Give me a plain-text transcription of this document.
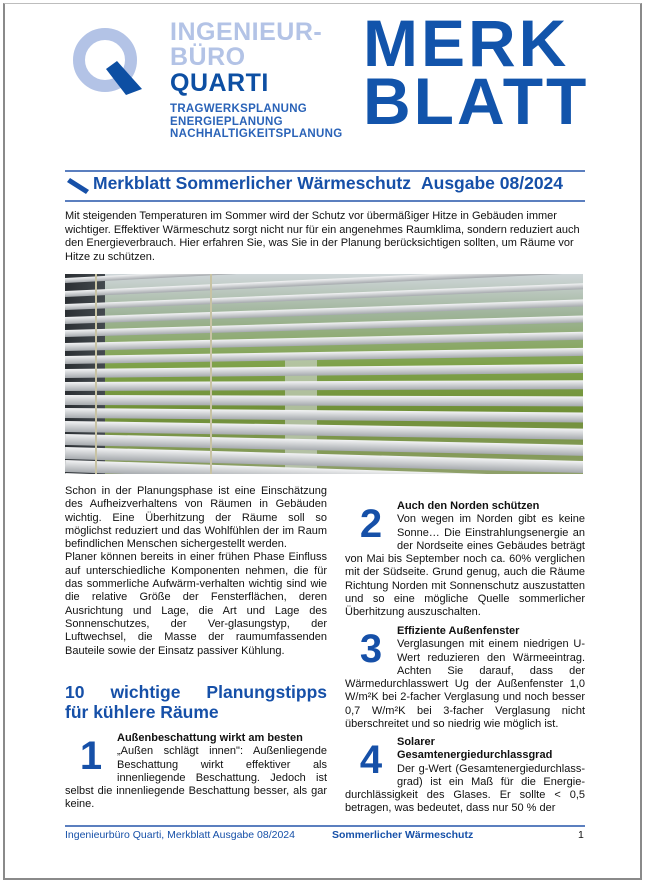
INGENIEUR-
BÜRO
QUARTI
TRAGWERKSPLANUNG
ENERGIEPLANUNG
NACHHALTIGKEITSPLANUNG
MERK
BLATT
Merkblatt Sommerlicher Wärmeschutz Ausgabe 08/2024
Mit steigenden Temperaturen im Sommer wird der Schutz vor übermäßiger Hitze in Gebäuden immer wichtiger. Effektiver Wärmeschutz sorgt nicht nur für ein angenehmes Raumklima, sondern reduziert auch den Energieverbrauch. Hier erfahren Sie, was Sie in der Planung berücksichtigen sollten, um Räume vor Hitze zu schützen.

Schon in der Planungsphase ist eine Einschätzung des Aufheizverhaltens von Räumen in Gebäuden wichtig. Eine Überhitzung der Räume soll so möglichst reduziert und das Wohlfühlen der im Raum befindlichen Menschen sichergestellt werden.

Planer können bereits in einer frühen Phase Einfluss auf unterschiedliche Komponenten nehmen, die für das sommerliche Aufwärm-verhalten wichtig sind wie die relative Größe der Fensterflächen, deren Ausrichtung und Lage, die Art und Lage des Sonnenschutzes, der Ver-glasungstyp, der Luftwechsel, die Masse der raumumfassenden Bauteile sowie der Einsatz passiver Kühlung.

10 wichtige Planungstipps
für kühlere Räume
1	Außenbeschattung wirkt am besten
„Außen schlägt innen": Außenliegende Beschattung wirkt effektiver als innenliegende Beschattung. Jedoch ist selbst die innenliegende Beschattung besser, als gar keine.
2	Auch den Norden schützen
Von wegen im Norden gibt es keine Sonne… Die Einstrahlungsenergie an der Nordseite eines Gebäudes beträgt von Mai bis September noch ca. 60% verglichen mit der Südseite. Grund genug, auch die Räume Richtung Norden mit Sonnenschutz auszustatten und so eine mögliche Quelle sommerlicher Überhitzung auszuschalten.
3	Effiziente Außenfenster
Verglasungen mit einem niedrigen U-Wert reduzieren den Wärmeeintrag. Achten Sie darauf, dass der Wärmedurchlasswert Ug der Außenfenster 1,0 W/m²K bei 2-facher Verglasung und noch besser 0,7 W/m²K bei 3-facher Verglasung nicht überschreitet und so niedrig wie möglich ist.
4	Solarer Gesamtenergiedurchlassgrad
Der g-Wert (Gesamtenergiedurchlass-grad) ist ein Maß für die Energie-durchlässigkeit des Glases. Er sollte < 0,5 betragen, was bedeutet, dass nur 50 % der
Ingenieurbüro Quarti, Merkblatt Ausgabe 08/2024	Sommerlicher Wärmeschutz	1
